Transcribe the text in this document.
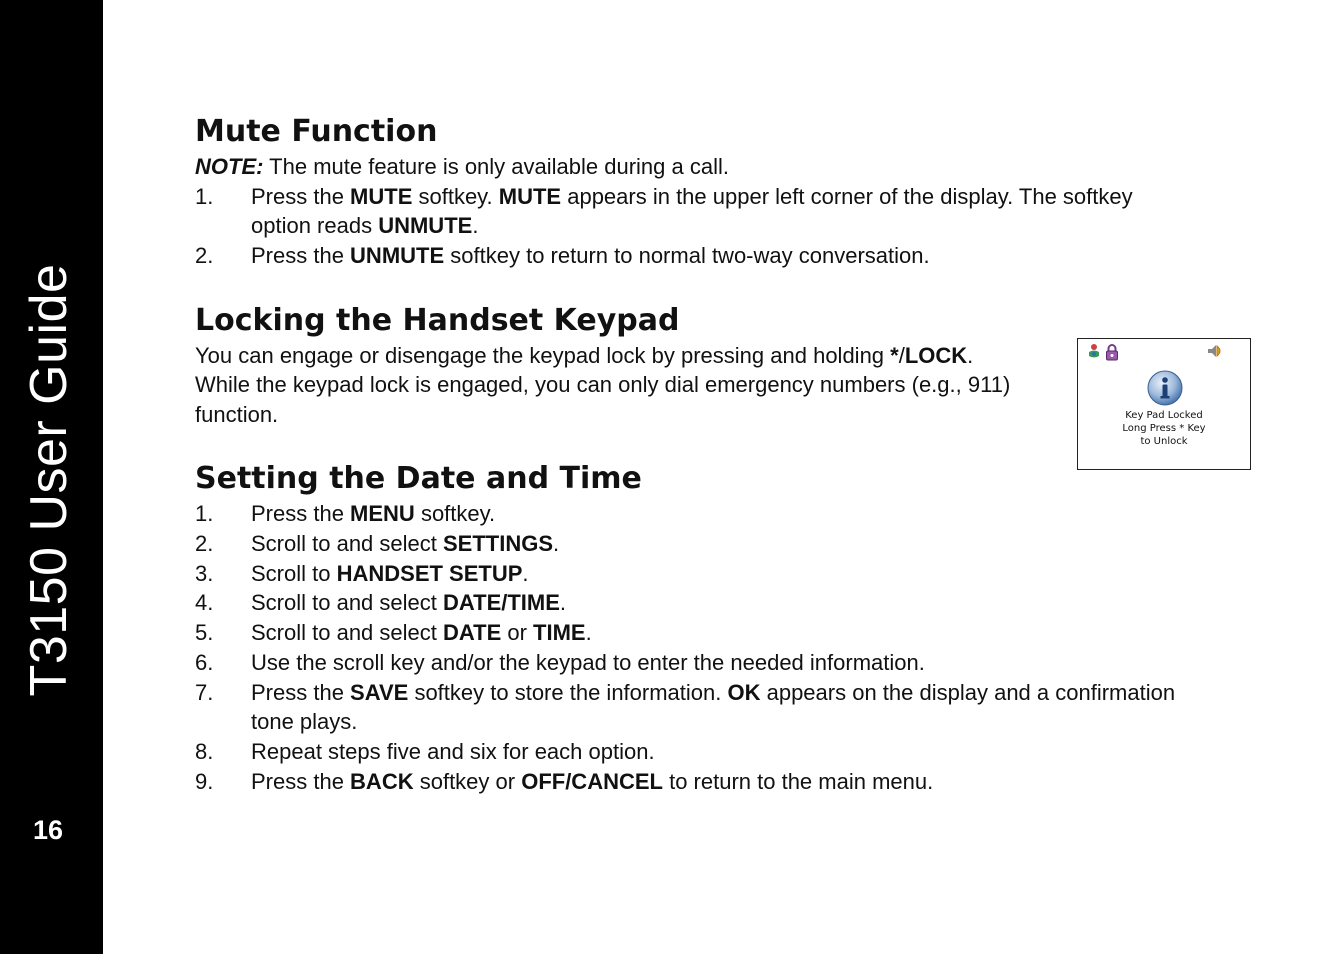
T3150 User Guide
16
Mute Function

NOTE: The mute feature is only available during a call.

1.	Press the MUTE softkey. MUTE appears in the upper left corner of the display. The softkey option reads UNMUTE.
2.	Press the UNMUTE softkey to return to normal two-way conversation.
Locking the Handset Keypad

You can engage or disengage the keypad lock by pressing and holding */LOCK. While the keypad lock is engaged, you can only dial emergency numbers (e.g., 911) function.

Setting the Date and Time
1.	Press the MENU softkey.
2.	Scroll to and select SETTINGS.
3.	Scroll to HANDSET SETUP.
4.	Scroll to and select DATE/TIME.
5.	Scroll to and select DATE or TIME.
6.	Use the scroll key and/or the keypad to enter the needed information.
7.	Press the SAVE softkey to store the information. OK appears on the display and a confirmation tone plays.
8.	Repeat steps five and six for each option.
9.	Press the BACK softkey or OFF/CANCEL to return to the main menu.
Key Pad Locked
Long Press * Key
to Unlock
